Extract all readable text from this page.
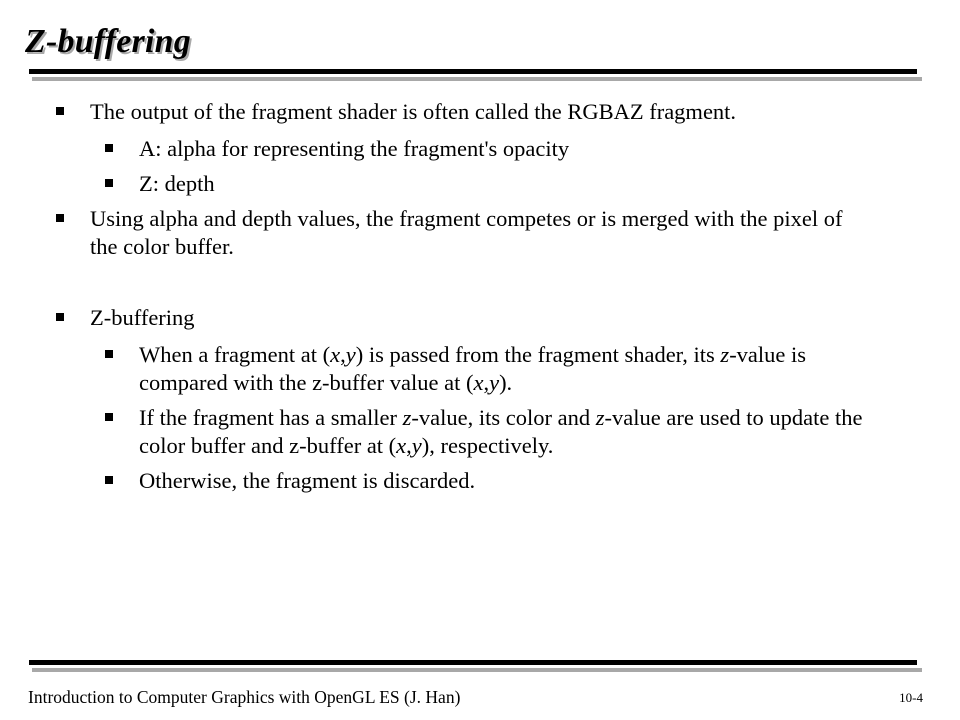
Z-buffering
The output of the fragment shader is often called the RGBAZ fragment.
A: alpha for representing the fragment's opacity
Z: depth
Using alpha and depth values, the fragment competes or is merged with the pixel of the color buffer.
Z-buffering
When a fragment at (x,y) is passed from the fragment shader, its z-value is compared with the z-buffer value at (x,y).
If the fragment has a smaller z-value, its color and z-value are used to update the color buffer and z-buffer at (x,y), respectively.
Otherwise, the fragment is discarded.
Introduction to Computer Graphics with OpenGL ES (J. Han)	10-4
